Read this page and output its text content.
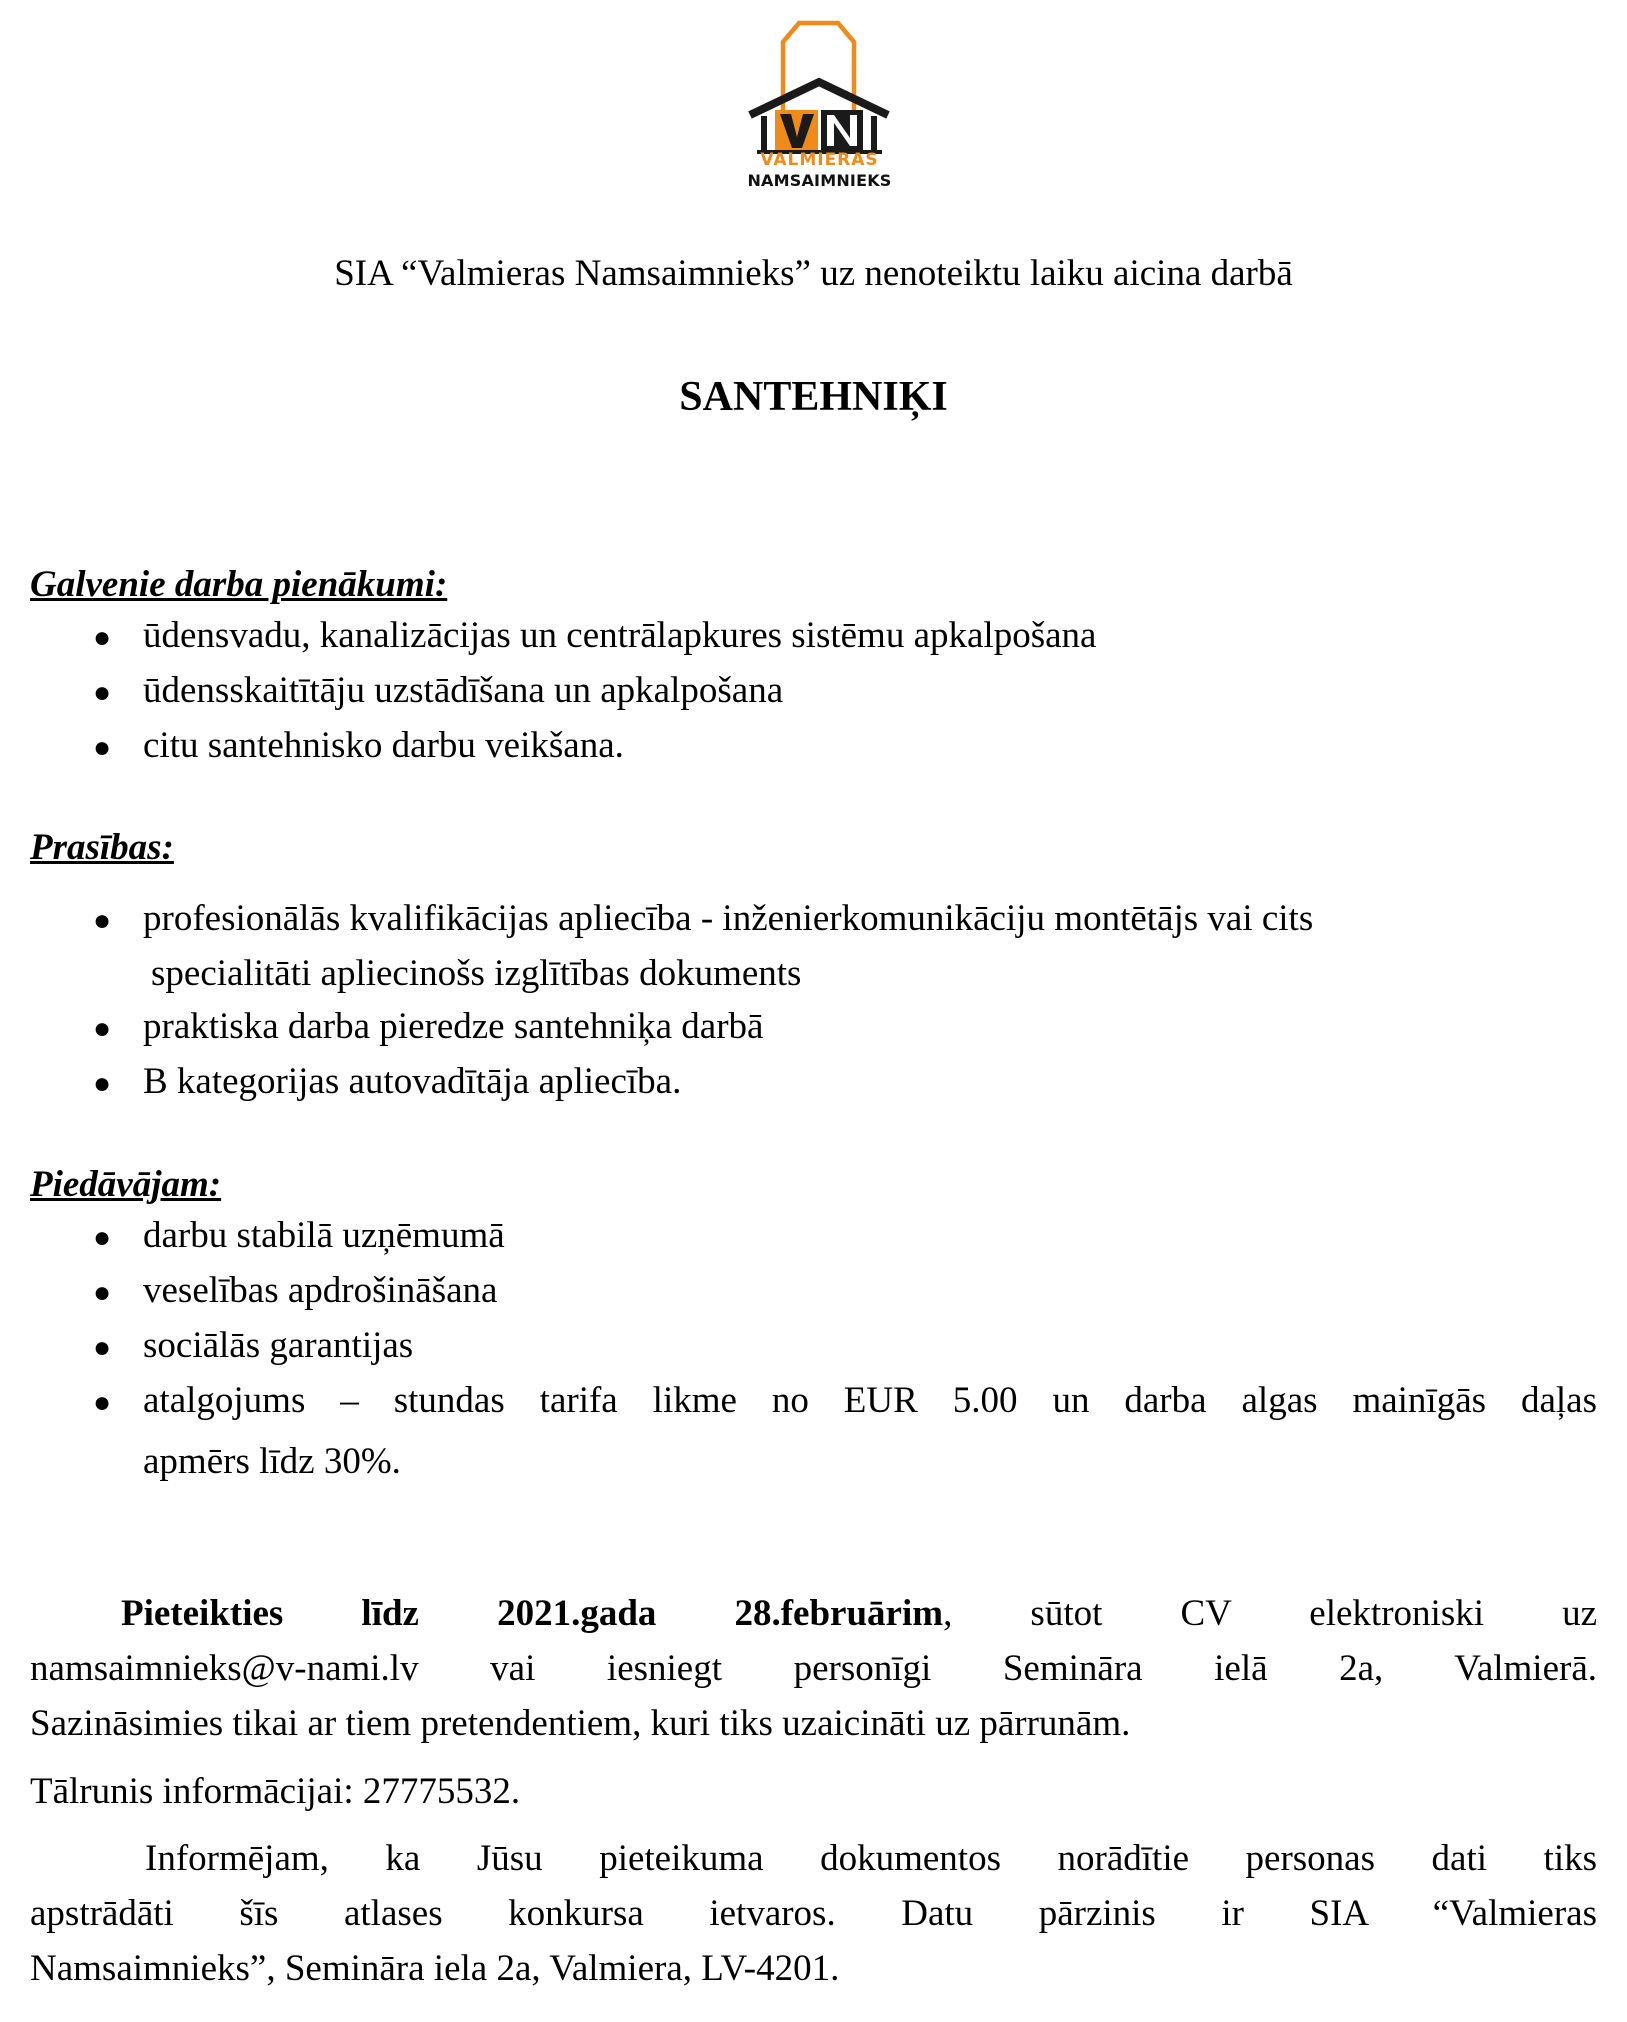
VALMIERAS
NAMSAIMNIEKS
SIA “Valmieras Namsaimnieks” uz nenoteiktu laiku aicina darbā
SANTEHNIĶI
Galvenie darba pienākumi:
● ūdensvadu, kanalizācijas un centrālapkures sistēmu apkalpošana
● ūdensskaitītāju uzstādīšana un apkalpošana
● citu santehnisko darbu veikšana.
Prasības:
● profesionālās kvalifikācijas apliecība - inženierkomunikāciju montētājs vai cits
specialitāti apliecinošs izglītības dokuments
● praktiska darba pieredze santehniķa darbā
● B kategorijas autovadītāja apliecība.
Piedāvājam:
● darbu stabilā uzņēmumā
● veselības apdrošināšana
● sociālās garantijas
● atalgojums – stundas tarifa likme no EUR 5.00 un darba algas mainīgās daļas
apmērs līdz 30%.
Pieteikties līdz 2021.gada 28.februārim, sūtot CV elektroniski uz
namsaimnieks@v-nami.lv vai iesniegt personīgi Semināra ielā 2a, Valmierā.
Sazināsimies tikai ar tiem pretendentiem, kuri tiks uzaicināti uz pārrunām.
Tālrunis informācijai: 27775532.
Informējam, ka Jūsu pieteikuma dokumentos norādītie personas dati tiks
apstrādāti šīs atlases konkursa ietvaros. Datu pārzinis ir SIA “Valmieras
Namsaimnieks”, Semināra iela 2a, Valmiera, LV-4201.
